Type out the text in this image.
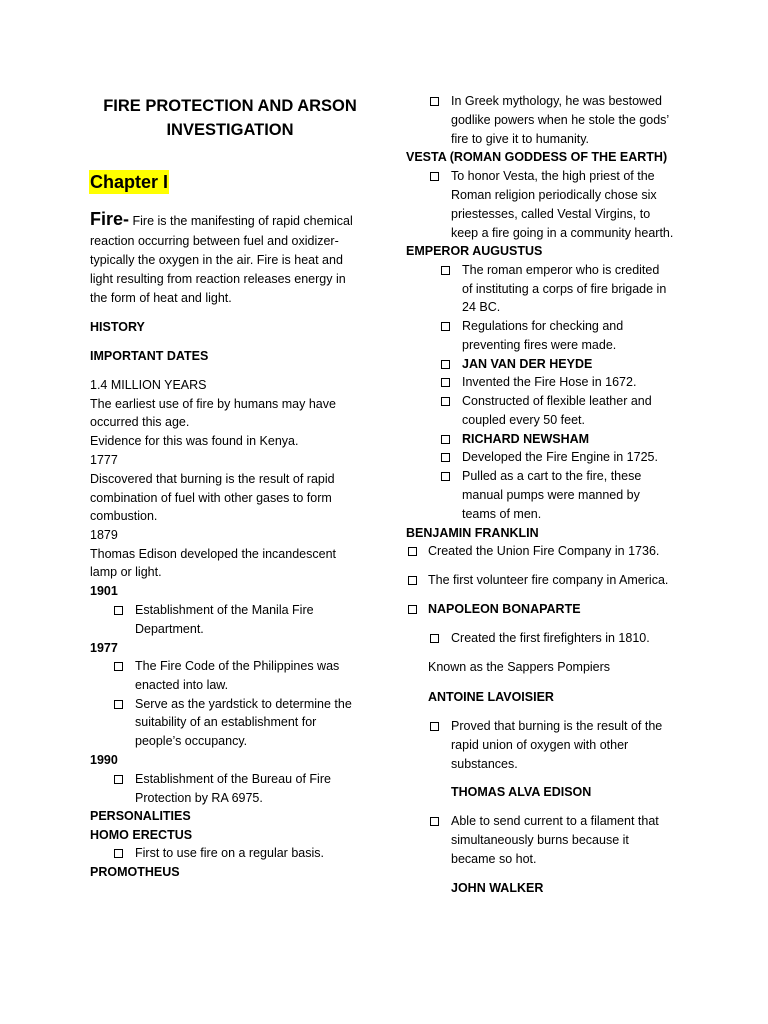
FIRE PROTECTION AND ARSON
INVESTIGATION
Chapter I
Fire- Fire is the manifesting of rapid chemical
reaction occurring between fuel and oxidizer-
typically the oxygen in the air. Fire is heat and
light resulting from reaction releases energy in
the form of heat and light.
HISTORY
IMPORTANT DATES
1.4 MILLION YEARS
The earliest use of fire by humans may have
occurred this age.
Evidence for this was found in Kenya.
1777
Discovered that burning is the result of rapid
combination of fuel with other gases to form
combustion.
1879
Thomas Edison developed the incandescent
lamp or light.
1901
Establishment of the Manila Fire
Department.
1977
The Fire Code of the Philippines was
enacted into law.
Serve as the yardstick to determine the
suitability of an establishment for
people’s occupancy.
1990
Establishment of the Bureau of Fire
Protection by RA 6975.
PERSONALITIES
HOMO ERECTUS
First to use fire on a regular basis.
PROMOTHEUS
In Greek mythology, he was bestowed
godlike powers when he stole the gods’
fire to give it to humanity.
VESTA (ROMAN GODDESS OF THE EARTH)
To honor Vesta, the high priest of the
Roman religion periodically chose six
priestesses, called Vestal Virgins, to
keep a fire going in a community hearth.
EMPEROR AUGUSTUS
The roman emperor who is credited
of instituting a corps of fire brigade in
24 BC.
Regulations for checking and
preventing fires were made.
JAN VAN DER HEYDE
Invented the Fire Hose in 1672.
Constructed of flexible leather and
coupled every 50 feet.
RICHARD NEWSHAM
Developed the Fire Engine in 1725.
Pulled as a cart to the fire, these
manual pumps were manned by
teams of men.
BENJAMIN FRANKLIN
Created the Union Fire Company in 1736.
The first volunteer fire company in America.
NAPOLEON BONAPARTE
Created the first firefighters in 1810.
Known as the Sappers Pompiers
ANTOINE LAVOISIER
Proved that burning is the result of the
rapid union of oxygen with other
substances.
THOMAS ALVA EDISON
Able to send current to a filament that
simultaneously burns because it
became so hot.
JOHN WALKER
